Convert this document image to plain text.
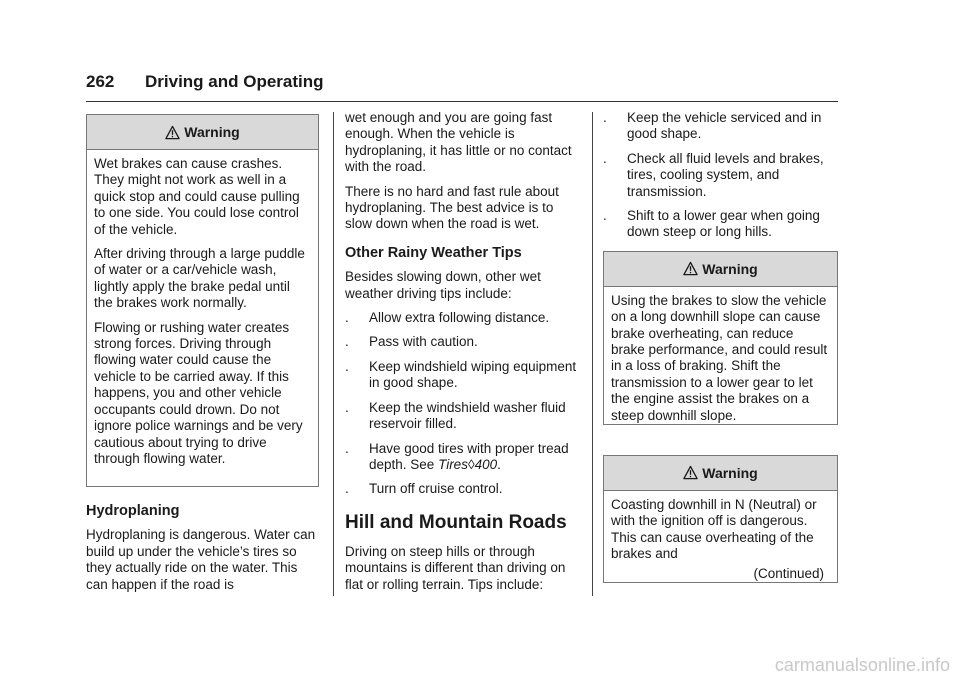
262 Driving and Operating
Warning

Wet brakes can cause crashes. They might not work as well in a quick stop and could cause pulling to one side. You could lose control of the vehicle.

After driving through a large puddle of water or a car/vehicle wash, lightly apply the brake pedal until the brakes work normally.

Flowing or rushing water creates strong forces. Driving through flowing water could cause the vehicle to be carried away. If this happens, you and other vehicle occupants could drown. Do not ignore police warnings and be very cautious about trying to drive through flowing water.

Hydroplaning

Hydroplaning is dangerous. Water can build up under the vehicle’s tires so they actually ride on the water. This can happen if the road is

wet enough and you are going fast enough. When the vehicle is hydroplaning, it has little or no contact with the road.

There is no hard and fast rule about hydroplaning. The best advice is to slow down when the road is wet.

Other Rainy Weather Tips

Besides slowing down, other wet weather driving tips include:

.	Allow extra following distance.
.	Pass with caution.
.	Keep windshield wiping equipment in good shape.
.	Keep the windshield washer fluid reservoir filled.
.	Have good tires with proper tread depth. See Tires◊400.
.	Turn off cruise control.
Hill and Mountain Roads

Driving on steep hills or through mountains is different than driving on flat or rolling terrain. Tips include:

.	Keep the vehicle serviced and in good shape.
.	Check all fluid levels and brakes, tires, cooling system, and transmission.
.	Shift to a lower gear when going down steep or long hills.
Warning

Using the brakes to slow the vehicle on a long downhill slope can cause brake overheating, can reduce brake performance, and could result in a loss of braking. Shift the transmission to a lower gear to let the engine assist the brakes on a steep downhill slope.

Warning

Coasting downhill in N (Neutral) or with the ignition off is dangerous. This can cause overheating of the brakes and

(Continued)
carmanualsonline.info
